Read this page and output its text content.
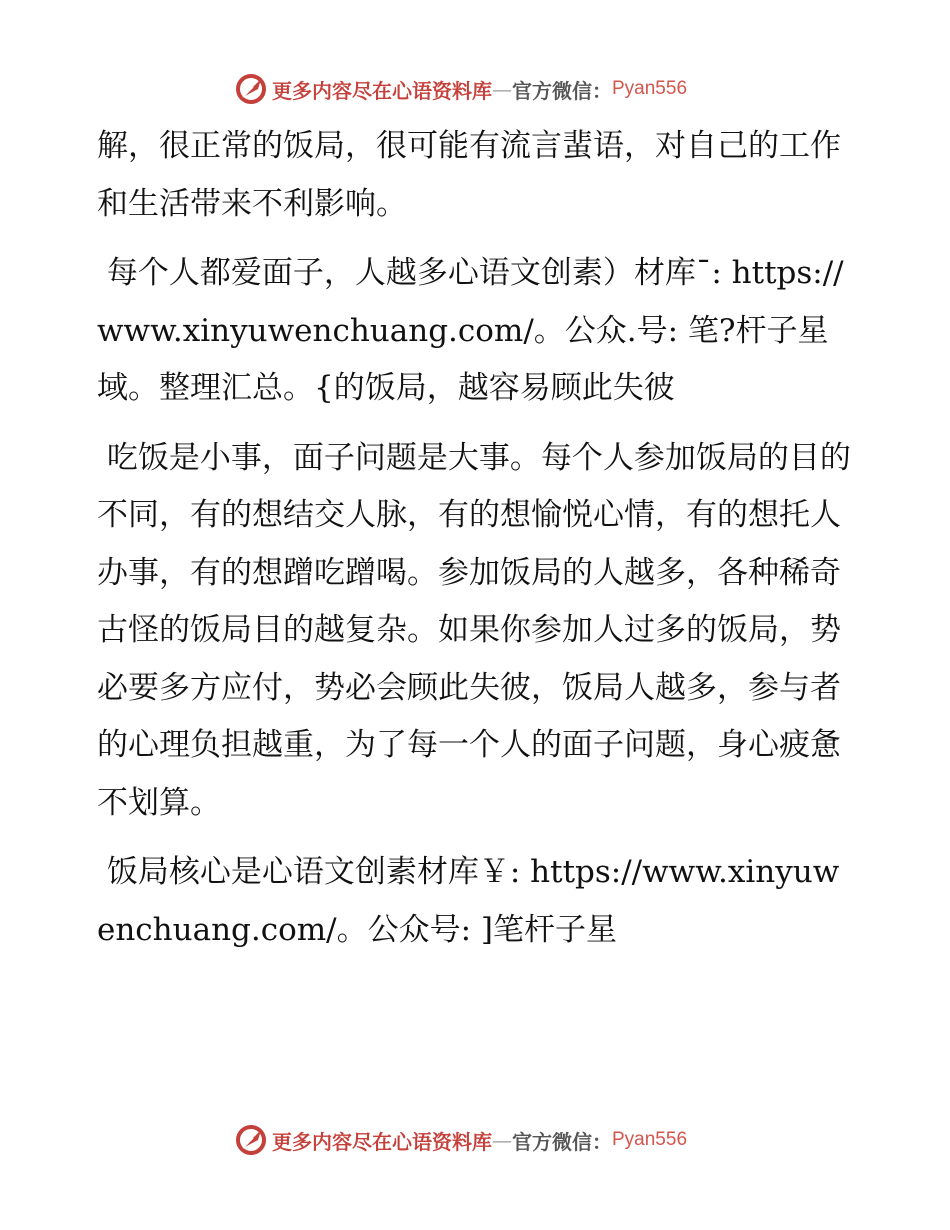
更多内容尽在心语资料库 — 官方微信： Pyan556

解，很正常的饭局，很可能有流言蜚语，对自己的工作和生活带来不利影响。

每个人都爱面子，人越多心语文创素）材库¯: https://www.xinyuwenchuang.com/。公众.号: 笔?杆子星域。整理汇总。{的饭局，越容易顾此失彼

吃饭是小事，面子问题是大事。每个人参加饭局的目的不同，有的想结交人脉，有的想愉悦心情，有的想托人办事，有的想蹭吃蹭喝。参加饭局的人越多，各种稀奇古怪的饭局目的越复杂。如果你参加人过多的饭局，势必要多方应付，势必会顾此失彼，饭局人越多，参与者的心理负担越重，为了每一个人的面子问题，身心疲惫不划算。

饭局核心是心语文创素材库￥: https://www.xinyuwenchuang.com/。公众号: ]笔杆子星

更多内容尽在心语资料库 — 官方微信： Pyan556
